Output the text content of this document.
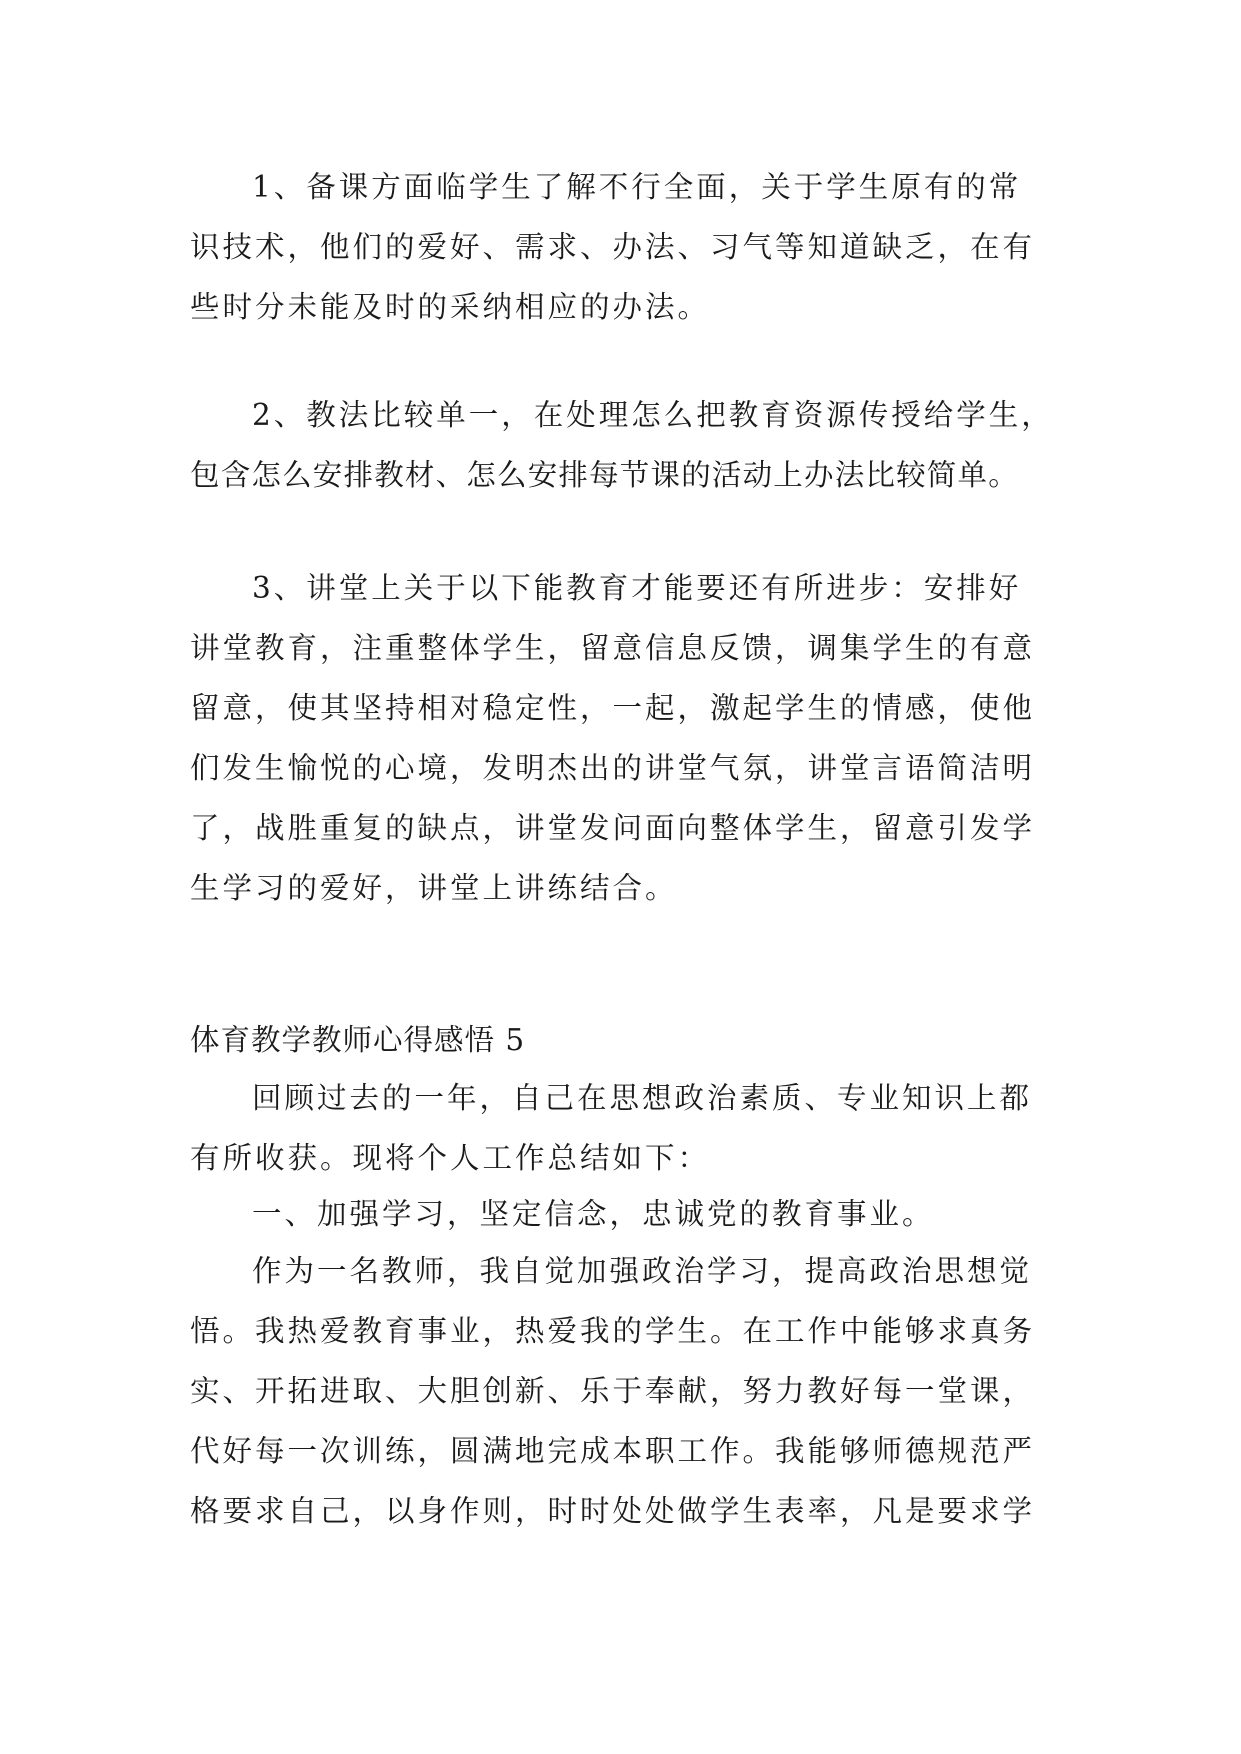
1、备课方面临学生了解不行全面，关于学生原有的常
识技术，他们的爱好、需求、办法、习气等知道缺乏，在有
些时分未能及时的采纳相应的办法。
2、教法比较单一，在处理怎么把教育资源传授给学生，
包含怎么安排教材、怎么安排每节课的活动上办法比较简单。
3、讲堂上关于以下能教育才能要还有所进步：安排好
讲堂教育，注重整体学生，留意信息反馈，调集学生的有意
留意，使其坚持相对稳定性，一起，激起学生的情感，使他
们发生愉悦的心境，发明杰出的讲堂气氛，讲堂言语简洁明
了，战胜重复的缺点，讲堂发问面向整体学生，留意引发学
生学习的爱好，讲堂上讲练结合。
体育教学教师心得感悟 5
回顾过去的一年，自己在思想政治素质、专业知识上都
有所收获。现将个人工作总结如下：
一、加强学习，坚定信念，忠诚党的教育事业。
作为一名教师，我自觉加强政治学习，提高政治思想觉
悟。我热爱教育事业，热爱我的学生。在工作中能够求真务
实、开拓进取、大胆创新、乐于奉献，努力教好每一堂课，
代好每一次训练，圆满地完成本职工作。我能够师德规范严
格要求自己，以身作则，时时处处做学生表率，凡是要求学
